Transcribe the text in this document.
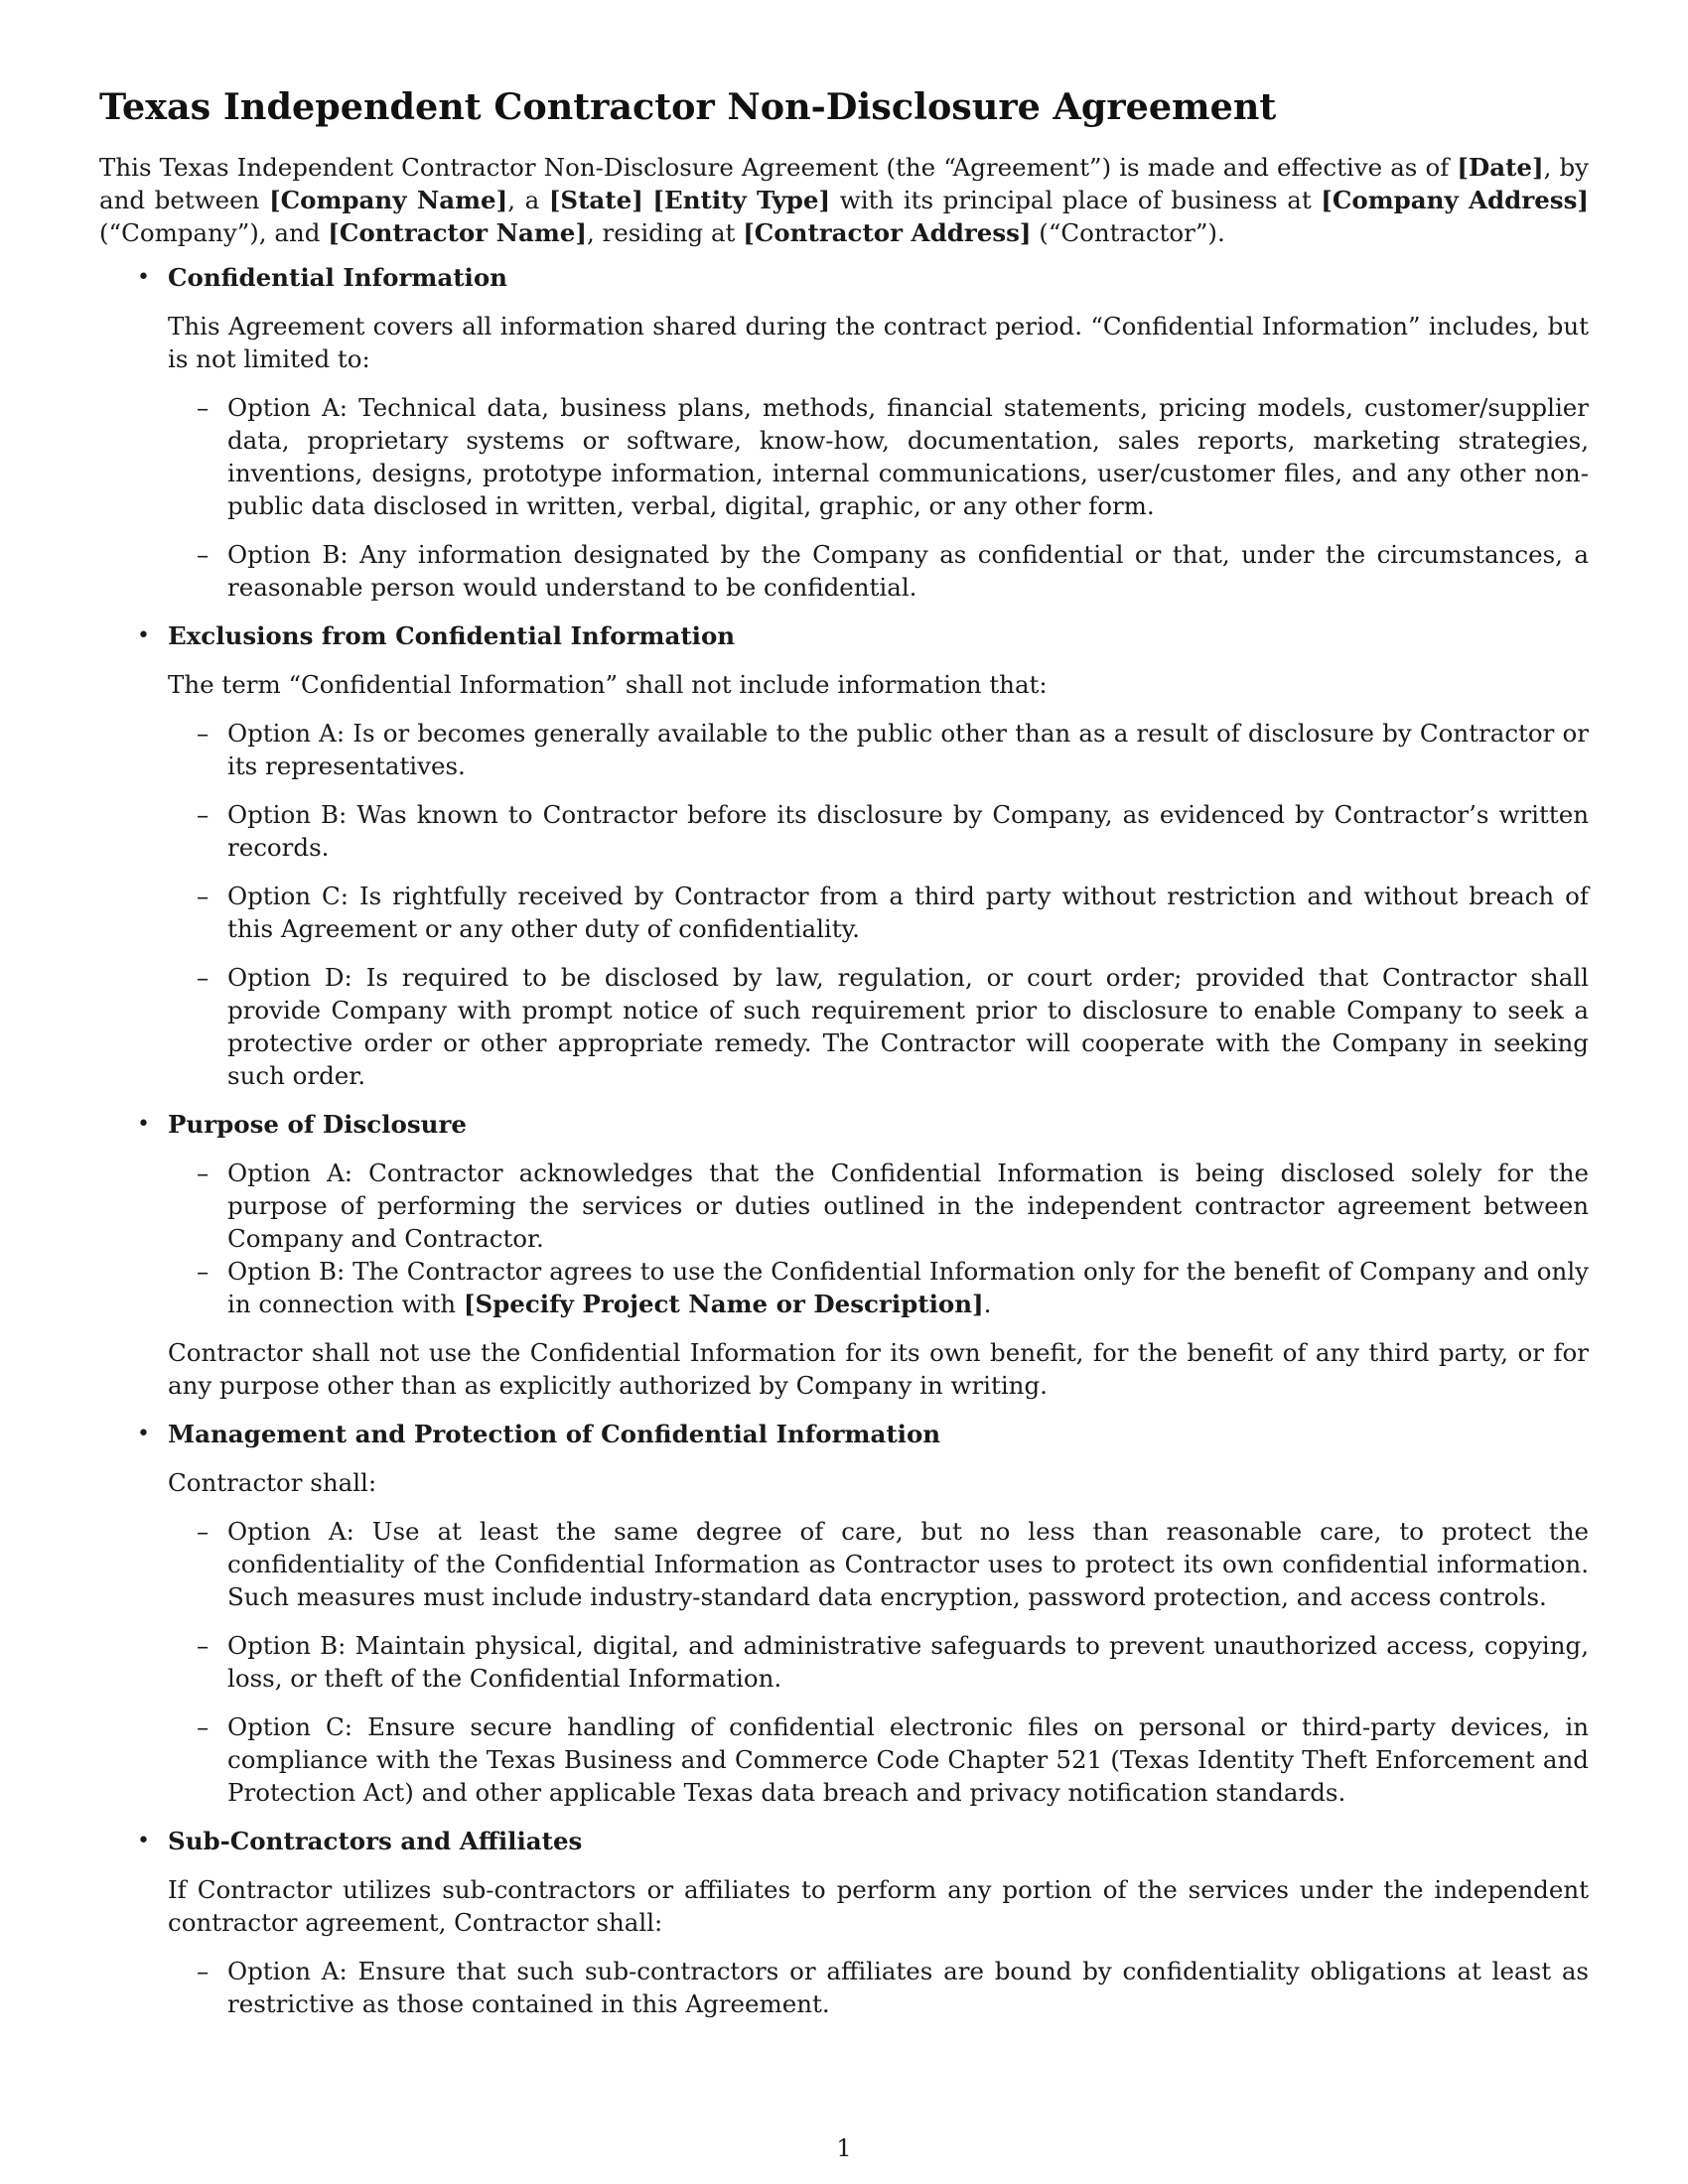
Texas Independent Contractor Non-Disclosure Agreement

This Texas Independent Contractor Non-Disclosure Agreement (the “Agreement”) is made and effective as of [Date], by and between [Company Name], a [State] [Entity Type] with its principal place of business at [Company Address] (“Company”), and [Contractor Name], residing at [Contractor Address] (“Contractor”).

• Confidential Information

This Agreement covers all information shared during the contract period. “Confidential Information” includes, but is not limited to:

– Option A: Technical data, business plans, methods, financial statements, pricing models, customer/supplier data, proprietary systems or software, know-how, documentation, sales reports, marketing strategies, inventions, designs, prototype information, internal communications, user/customer files, and any other non-public data disclosed in written, verbal, digital, graphic, or any other form.
– Option B: Any information designated by the Company as confidential or that, under the circumstances, a reasonable person would understand to be confidential.
• Exclusions from Confidential Information

The term “Confidential Information” shall not include information that:

– Option A: Is or becomes generally available to the public other than as a result of disclosure by Contractor or its representatives.
– Option B: Was known to Contractor before its disclosure by Company, as evidenced by Contractor’s written records.
– Option C: Is rightfully received by Contractor from a third party without restriction and without breach of this Agreement or any other duty of confidentiality.
– Option D: Is required to be disclosed by law, regulation, or court order; provided that Contractor shall provide Company with prompt notice of such requirement prior to disclosure to enable Company to seek a protective order or other appropriate remedy. The Contractor will cooperate with the Company in seeking such order.
• Purpose of Disclosure
– Option A: Contractor acknowledges that the Confidential Information is being disclosed solely for the purpose of performing the services or duties outlined in the independent contractor agreement between Company and Contractor.
– Option B: The Contractor agrees to use the Confidential Information only for the benefit of Company and only in connection with [Specify Project Name or Description].

Contractor shall not use the Confidential Information for its own benefit, for the benefit of any third party, or for any purpose other than as explicitly authorized by Company in writing.

• Management and Protection of Confidential Information

Contractor shall:

– Option A: Use at least the same degree of care, but no less than reasonable care, to protect the confidentiality of the Confidential Information as Contractor uses to protect its own confidential information. Such measures must include industry-standard data encryption, password protection, and access controls.
– Option B: Maintain physical, digital, and administrative safeguards to prevent unauthorized access, copying, loss, or theft of the Confidential Information.
– Option C: Ensure secure handling of confidential electronic files on personal or third-party devices, in compliance with the Texas Business and Commerce Code Chapter 521 (Texas Identity Theft Enforcement and Protection Act) and other applicable Texas data breach and privacy notification standards.
• Sub-Contractors and Affiliates

If Contractor utilizes sub-contractors or affiliates to perform any portion of the services under the independent contractor agreement, Contractor shall:

– Option A: Ensure that such sub-contractors or affiliates are bound by confidentiality obligations at least as restrictive as those contained in this Agreement.
1
